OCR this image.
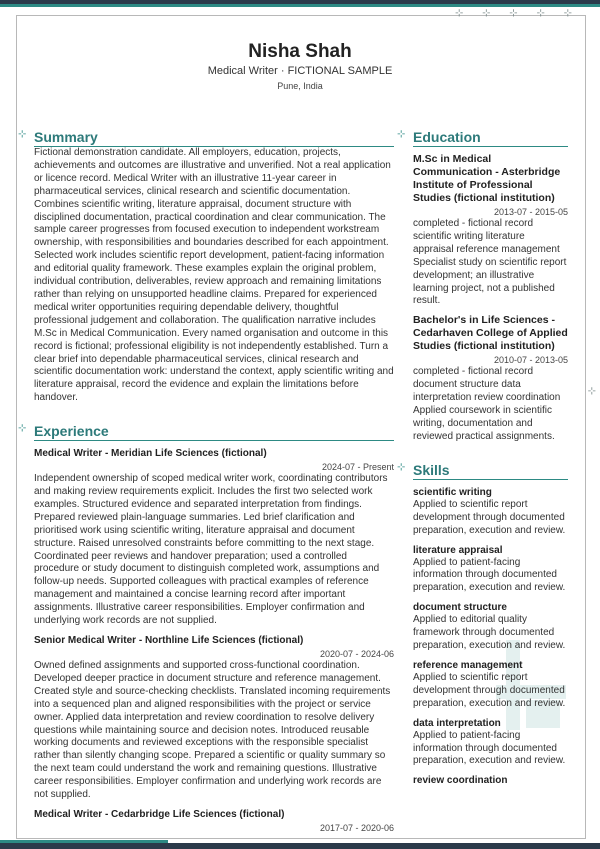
⊹ ⊹ ⊹ ⊹ ⊹
⊹
Nisha Shah
Medical Writer · FICTIONAL SAMPLE
Pune, India
⊹ Summary
Fictional demonstration candidate. All employers, education, projects, achievements and outcomes are illustrative and unverified. Not a real application or licence record. Medical Writer with an illustrative 11-year career in pharmaceutical services, clinical research and scientific documentation. Combines scientific writing, literature appraisal, document structure with disciplined documentation, practical coordination and clear communication. The sample career progresses from focused execution to independent workstream ownership, with responsibilities and boundaries described for each appointment. Selected work includes scientific report development, patient-facing information and editorial quality framework. These examples explain the original problem, individual contribution, deliverables, review approach and remaining limitations rather than relying on unsupported headline claims. Prepared for experienced medical writer opportunities requiring dependable delivery, thoughtful professional judgement and collaboration. The qualification narrative includes M.Sc in Medical Communication. Every named organisation and outcome in this record is fictional; professional eligibility is not independently established. Turn a clear brief into dependable pharmaceutical services, clinical research and scientific documentation work: understand the context, apply scientific writing and literature appraisal, record the evidence and explain the limitations before handover.
⊹ Experience
Medical Writer - Meridian Life Sciences (fictional)
2024-07 - Present
Independent ownership of scoped medical writer work, coordinating contributors and making review requirements explicit. Includes the first two selected work examples. Structured evidence and separated interpretation from findings. Prepared reviewed plain-language summaries. Led brief clarification and prioritised work using scientific writing, literature appraisal and document structure. Raised unresolved constraints before committing to the next stage. Coordinated peer reviews and handover preparation; used a controlled procedure or study document to distinguish completed work, assumptions and follow-up needs. Supported colleagues with practical examples of reference management and maintained a concise learning record after important assignments. Illustrative career responsibilities. Employer confirmation and underlying work records are not supplied.
Senior Medical Writer - Northline Life Sciences (fictional)
2020-07 - 2024-06
Owned defined assignments and supported cross-functional coordination. Developed deeper practice in document structure and reference management. Created style and source-checking checklists. Translated incoming requirements into a sequenced plan and aligned responsibilities with the project or service owner. Applied data interpretation and review coordination to resolve delivery questions while maintaining source and decision notes. Introduced reusable working documents and reviewed exceptions with the responsible specialist rather than silently changing scope. Prepared a scientific or quality summary so the next team could understand the work and remaining questions. Illustrative career responsibilities. Employer confirmation and underlying work records are not supplied.
Medical Writer - Cedarbridge Life Sciences (fictional)
2017-07 - 2020-06
⊹ Education
M.Sc in Medical Communication - Asterbridge Institute of Professional Studies (fictional institution)
2013-07 - 2015-05
completed - fictional record scientific writing literature appraisal reference management Specialist study on scientific report development; an illustrative learning project, not a published result.
Bachelor's in Life Sciences - Cedarhaven College of Applied Studies (fictional institution)
2010-07 - 2013-05
completed - fictional record document structure data interpretation review coordination Applied coursework in scientific writing, documentation and reviewed practical assignments.
⊹ Skills
scientific writing
Applied to scientific report development through documented preparation, execution and review.
literature appraisal
Applied to patient-facing information through documented preparation, execution and review.
document structure
Applied to editorial quality framework through documented preparation, execution and review.
reference management
Applied to scientific report development through documented preparation, execution and review.
data interpretation
Applied to patient-facing information through documented preparation, execution and review.
review coordination
